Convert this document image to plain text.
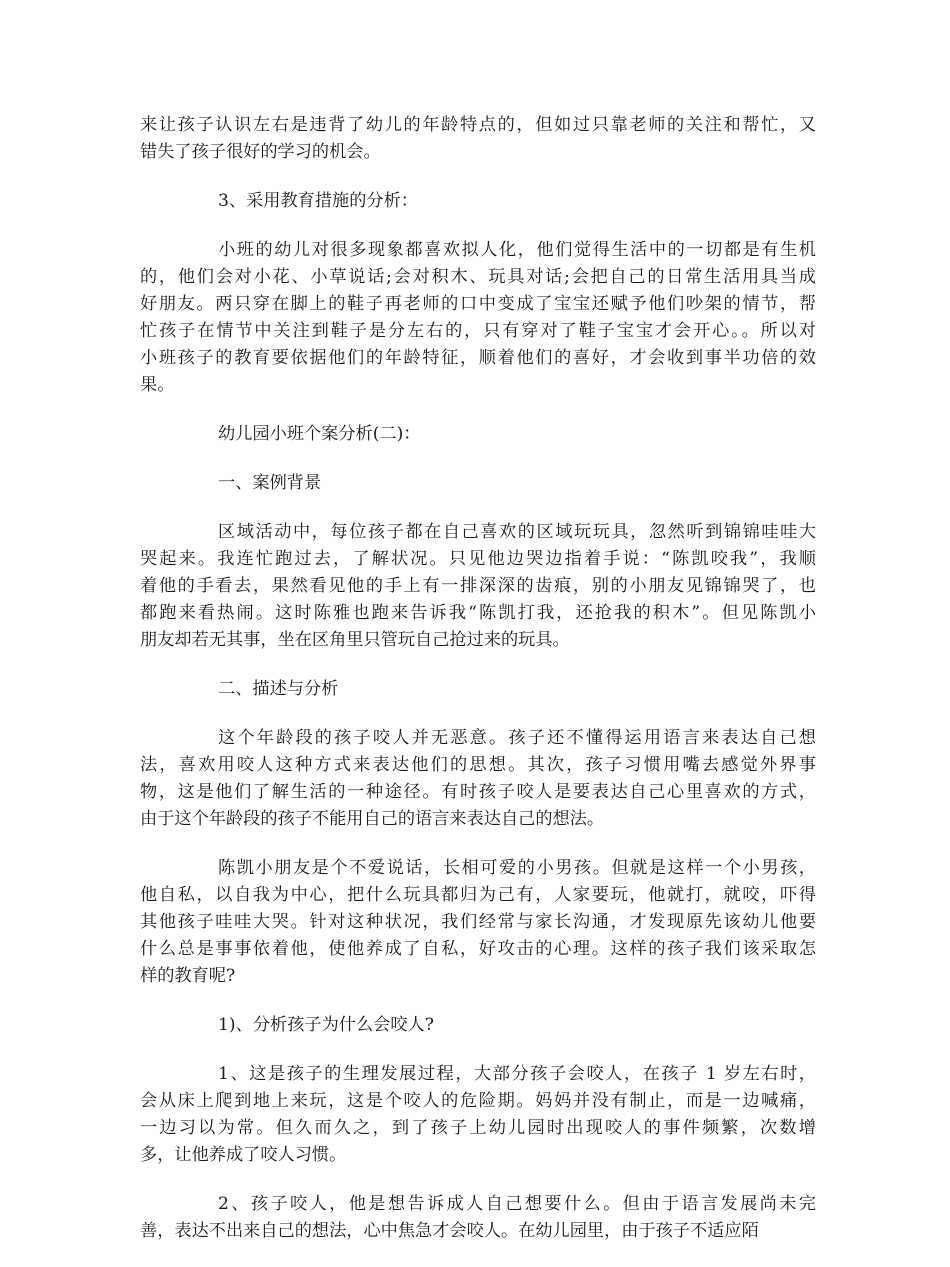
来让孩子认识左右是违背了幼儿的年龄特点的，但如过只靠老师的关注和帮忙，又
错失了孩子很好的学习的机会。
3、采用教育措施的分析：
小班的幼儿对很多现象都喜欢拟人化，他们觉得生活中的一切都是有生机
的，他们会对小花、小草说话;会对积木、玩具对话;会把自己的日常生活用具当成
好朋友。两只穿在脚上的鞋子再老师的口中变成了宝宝还赋予他们吵架的情节，帮
忙孩子在情节中关注到鞋子是分左右的，只有穿对了鞋子宝宝才会开心。。所以对
小班孩子的教育要依据他们的年龄特征，顺着他们的喜好，才会收到事半功倍的效
果。
幼儿园小班个案分析(二)：
一、案例背景
区域活动中，每位孩子都在自己喜欢的区域玩玩具，忽然听到锦锦哇哇大
哭起来。我连忙跑过去，了解状况。只见他边哭边指着手说：“陈凯咬我”，我顺
着他的手看去，果然看见他的手上有一排深深的齿痕，别的小朋友见锦锦哭了，也
都跑来看热闹。这时陈雅也跑来告诉我“陈凯打我，还抢我的积木”。但见陈凯小
朋友却若无其事，坐在区角里只管玩自己抢过来的玩具。
二、描述与分析
这个年龄段的孩子咬人并无恶意。孩子还不懂得运用语言来表达自己想
法，喜欢用咬人这种方式来表达他们的思想。其次，孩子习惯用嘴去感觉外界事
物，这是他们了解生活的一种途径。有时孩子咬人是要表达自己心里喜欢的方式，
由于这个年龄段的孩子不能用自己的语言来表达自己的想法。
陈凯小朋友是个不爱说话，长相可爱的小男孩。但就是这样一个小男孩，
他自私，以自我为中心，把什么玩具都归为己有，人家要玩，他就打，就咬，吓得
其他孩子哇哇大哭。针对这种状况，我们经常与家长沟通，才发现原先该幼儿他要
什么总是事事依着他，使他养成了自私，好攻击的心理。这样的孩子我们该采取怎
样的教育呢?
1)、分析孩子为什么会咬人?
1、这是孩子的生理发展过程，大部分孩子会咬人，在孩子 1 岁左右时，
会从床上爬到地上来玩，这是个咬人的危险期。妈妈并没有制止，而是一边喊痛，
一边习以为常。但久而久之，到了孩子上幼儿园时出现咬人的事件频繁，次数增
多，让他养成了咬人习惯。
2、孩子咬人，他是想告诉成人自己想要什么。但由于语言发展尚未完
善，表达不出来自己的想法，心中焦急才会咬人。在幼儿园里，由于孩子不适应陌
